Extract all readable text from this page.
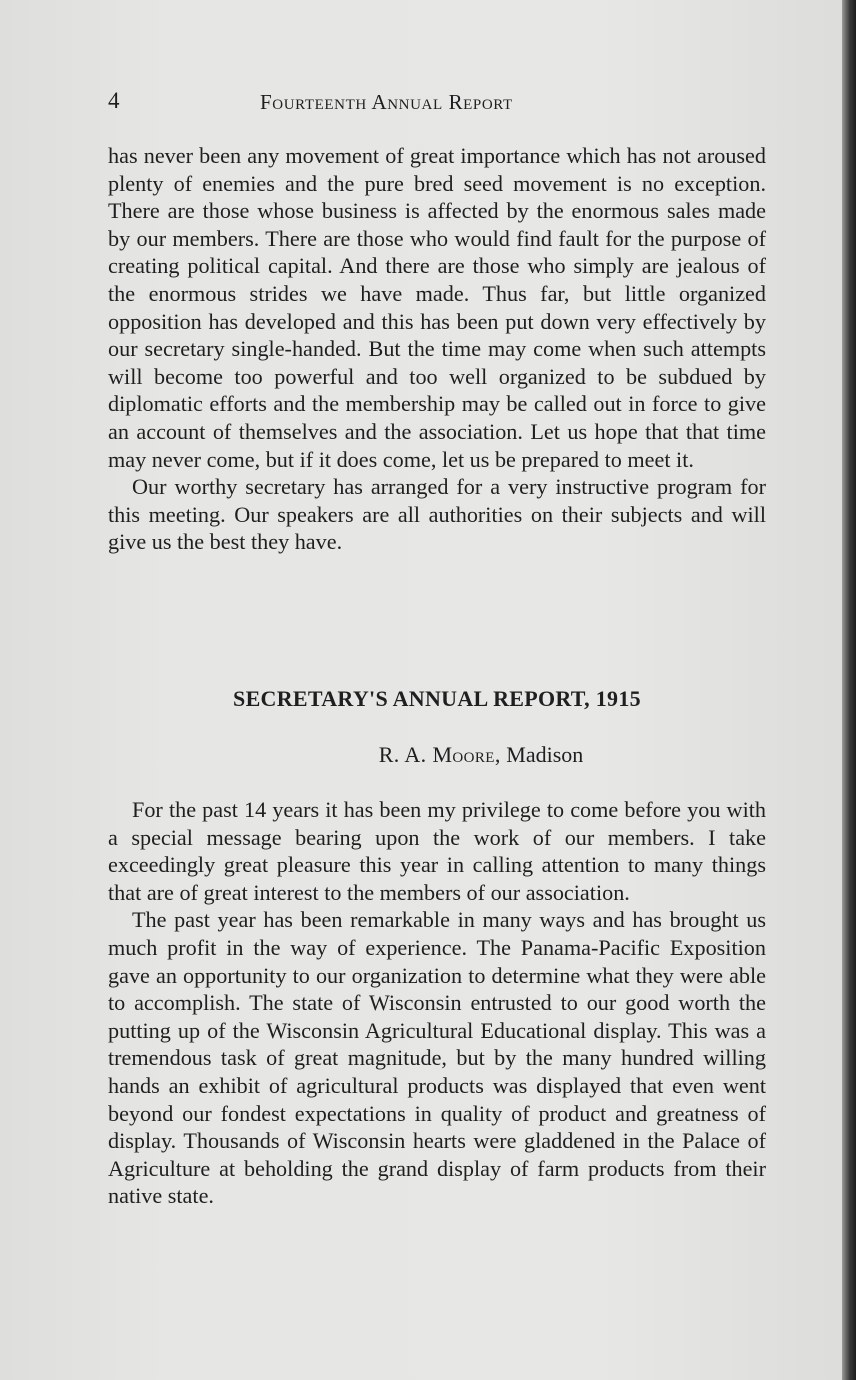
4	Fourteenth Annual Report

has never been any movement of great importance which has not aroused plenty of enemies and the pure bred seed movement is no exception. There are those whose business is affected by the enormous sales made by our members. There are those who would find fault for the purpose of creating political capital. And there are those who simply are jealous of the enormous strides we have made. Thus far, but little organized opposition has developed and this has been put down very effectively by our secretary single-handed. But the time may come when such attempts will become too powerful and too well organized to be subdued by diplomatic efforts and the membership may be called out in force to give an account of themselves and the association. Let us hope that that time may never come, but if it does come, let us be prepared to meet it.

Our worthy secretary has arranged for a very instructive program for this meeting. Our speakers are all authorities on their subjects and will give us the best they have.

SECRETARY'S ANNUAL REPORT, 1915

R. A. Moore, Madison

For the past 14 years it has been my privilege to come before you with a special message bearing upon the work of our members. I take exceedingly great pleasure this year in calling attention to many things that are of great interest to the members of our association.

The past year has been remarkable in many ways and has brought us much profit in the way of experience. The Panama-Pacific Exposition gave an opportunity to our organization to determine what they were able to accomplish. The state of Wisconsin entrusted to our good worth the putting up of the Wisconsin Agricultural Educational display. This was a tremendous task of great magnitude, but by the many hundred willing hands an exhibit of agricultural products was displayed that even went beyond our fondest expectations in quality of product and greatness of display. Thousands of Wisconsin hearts were gladdened in the Palace of Agriculture at beholding the grand display of farm products from their native state.
